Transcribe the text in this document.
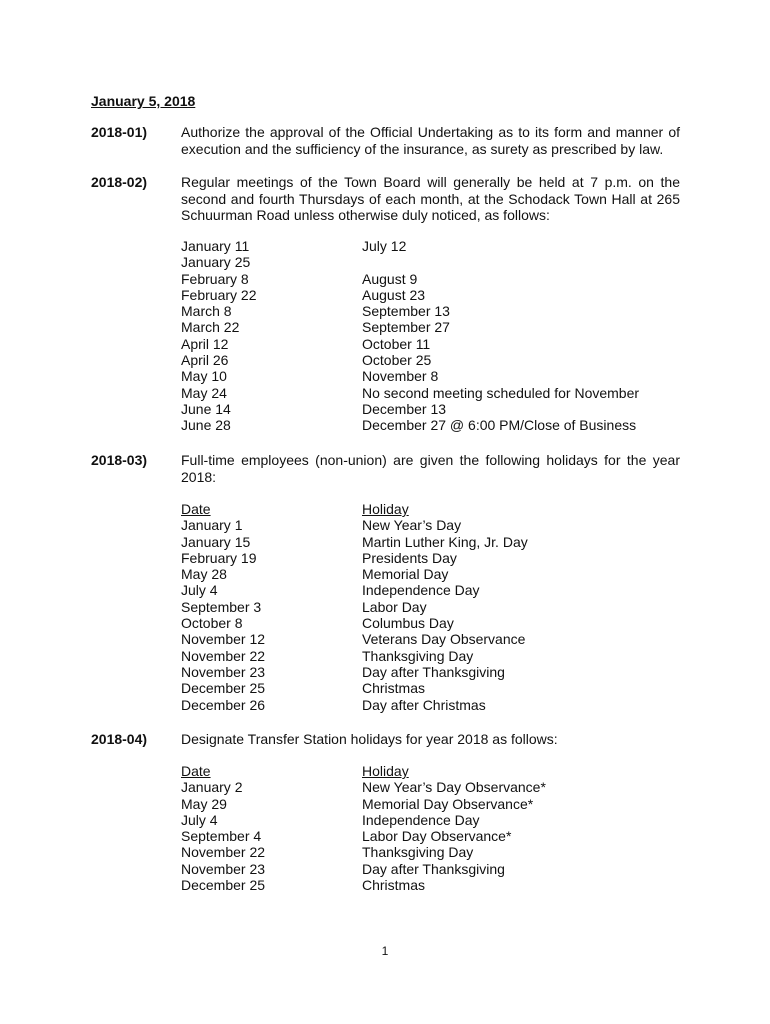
January 5, 2018
2018-01) Authorize the approval of the Official Undertaking as to its form and manner of execution and the sufficiency of the insurance, as surety as prescribed by law.
2018-02) Regular meetings of the Town Board will generally be held at 7 p.m. on the second and fourth Thursdays of each month, at the Schodack Town Hall at 265 Schuurman Road unless otherwise duly noticed, as follows:
January 11
January 25
February 8
February 22
March 8
March 22
April 12
April 26
May 10
May 24
June 14
June 28
July 12
August 9
August 23
September 13
September 27
October 11
October 25
November 8
No second meeting scheduled for November
December 13
December 27 @ 6:00 PM/Close of Business
2018-03) Full-time employees (non-union) are given the following holidays for the year 2018:
Date
January 1
January 15
February 19
May 28
July 4
September 3
October 8
November 12
November 22
November 23
December 25
December 26
Holiday
New Year’s Day
Martin Luther King, Jr. Day
Presidents Day
Memorial Day
Independence Day
Labor Day
Columbus Day
Veterans Day Observance
Thanksgiving Day
Day after Thanksgiving
Christmas
Day after Christmas
2018-04) Designate Transfer Station holidays for year 2018 as follows:
Date
January 2
May 29
July 4
September 4
November 22
November 23
December 25
Holiday
New Year’s Day Observance*
Memorial Day Observance*
Independence Day
Labor Day Observance*
Thanksgiving Day
Day after Thanksgiving
Christmas
1
